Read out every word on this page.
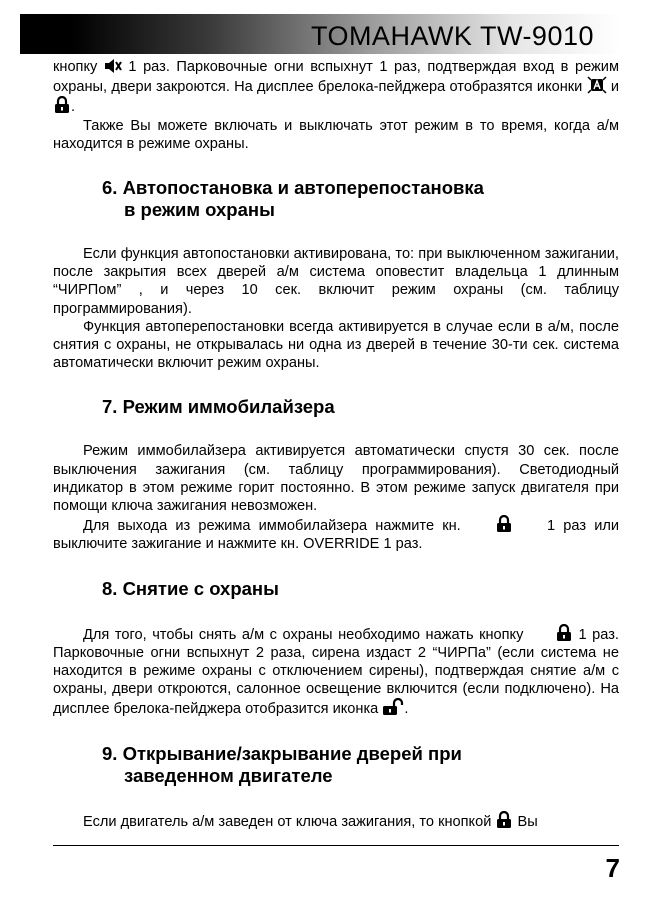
TOMAHAWK TW-9010

кнопку 1 раз. Парковочные огни вспыхнут 1 раз, подтверждая вход в режим охраны, двери закроются. На дисплее брелока-пейджера отобразятся иконки и .

Также Вы можете включать и выключать этот режим в то время, когда а/м находится в режиме охраны.

6. Автопостановка и автоперепостановка
в режим охраны

Если функция автопостановки активирована, то: при выключенном зажигании, после закрытия всех дверей а/м система оповестит владельца 1 длинным “ЧИРПом” , и через 10 сек. включит режим охраны (см. таблицу программирования).

Функция автоперепостановки всегда активируется в случае если в а/м, после снятия с охраны, не открывалась ни одна из дверей в течение 30-ти сек. система автоматически включит режим охраны.

7. Режим иммобилайзера

Режим иммобилайзера активируется автоматически спустя 30 сек. после выключения зажигания (см. таблицу программирования). Светодиодный индикатор в этом режиме горит постоянно. В этом режиме запуск двигателя при помощи ключа зажигания невозможен.

Для выхода из режима иммобилайзера нажмите кн.	1 раз или выключите зажигание и нажмите кн. OVERRIDE 1 раз.

8. Снятие с охраны

Для того, чтобы снять а/м с охраны необходимо нажать кнопку	1 раз. Парковочные огни вспыхнут 2 раза, сирена издаст 2 “ЧИРПа” (если система не находится в режиме охраны с отключением сирены), подтверждая снятие а/м с охраны, двери откроются, салонное освещение включится (если подключено). На дисплее брелока-пейджера отобразится иконка .

9. Открывание/закрывание дверей при
заведенном двигателе

Если двигатель а/м заведен от ключа зажигания, то кнопкой Вы

7
